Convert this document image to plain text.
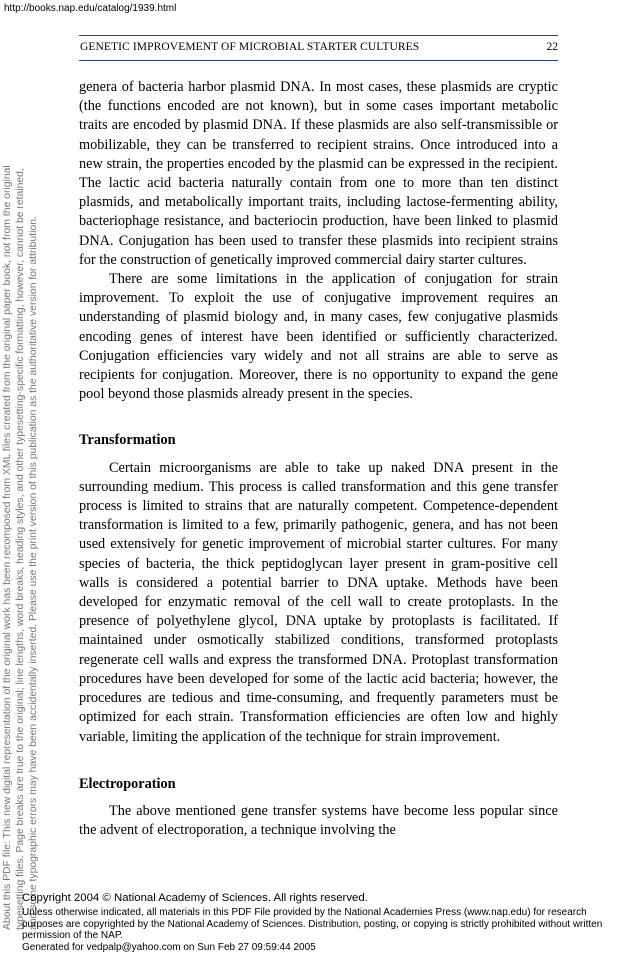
http://books.nap.edu/catalog/1939.html
GENETIC IMPROVEMENT OF MICROBIAL STARTER CULTURES	22
About this PDF file: This new digital representation of the original work has been recomposed from XML files created from the original paper book, not from the original typesetting files. Page breaks are true to the original; line lengths, word breaks, heading styles, and other typesetting-specific formatting, however, cannot be retained, and some typographic errors may have been accidentally inserted. Please use the print version of this publication as the authoritative version for attribution.

genera of bacteria harbor plasmid DNA. In most cases, these plasmids are cryptic (the functions encoded are not known), but in some cases important metabolic traits are encoded by plasmid DNA. If these plasmids are also self-transmissible or mobilizable, they can be transferred to recipient strains. Once introduced into a new strain, the properties encoded by the plasmid can be expressed in the recipient. The lactic acid bacteria naturally contain from one to more than ten distinct plasmids, and metabolically important traits, including lactose-fermenting ability, bacteriophage resistance, and bacteriocin production, have been linked to plasmid DNA. Conjugation has been used to transfer these plasmids into recipient strains for the construction of genetically improved commercial dairy starter cultures.

There are some limitations in the application of conjugation for strain improvement. To exploit the use of conjugative improvement requires an understanding of plasmid biology and, in many cases, few conjugative plasmids encoding genes of interest have been identified or sufficiently characterized. Conjugation efficiencies vary widely and not all strains are able to serve as recipients for conjugation. Moreover, there is no opportunity to expand the gene pool beyond those plasmids already present in the species.

Transformation

Certain microorganisms are able to take up naked DNA present in the surrounding medium. This process is called transformation and this gene transfer process is limited to strains that are naturally competent. Competence-dependent transformation is limited to a few, primarily pathogenic, genera, and has not been used extensively for genetic improvement of microbial starter cultures. For many species of bacteria, the thick peptidoglycan layer present in gram-positive cell walls is considered a potential barrier to DNA uptake. Methods have been developed for enzymatic removal of the cell wall to create protoplasts. In the presence of polyethylene glycol, DNA uptake by protoplasts is facilitated. If maintained under osmotically stabilized conditions, transformed protoplasts regenerate cell walls and express the transformed DNA. Protoplast transformation procedures have been developed for some of the lactic acid bacteria; however, the procedures are tedious and time-consuming, and frequently parameters must be optimized for each strain. Transformation efficiencies are often low and highly variable, limiting the application of the technique for strain improvement.

Electroporation

The above mentioned gene transfer systems have become less popular since the advent of electroporation, a technique involving the

Copyright 2004 © National Academy of Sciences. All rights reserved.
Unless otherwise indicated, all materials in this PDF File provided by the National Academies Press (www.nap.edu) for research purposes are copyrighted by the National Academy of Sciences. Distribution, posting, or copying is strictly prohibited without written permission of the NAP.
Generated for vedpalp@yahoo.com on Sun Feb 27 09:59:44 2005
